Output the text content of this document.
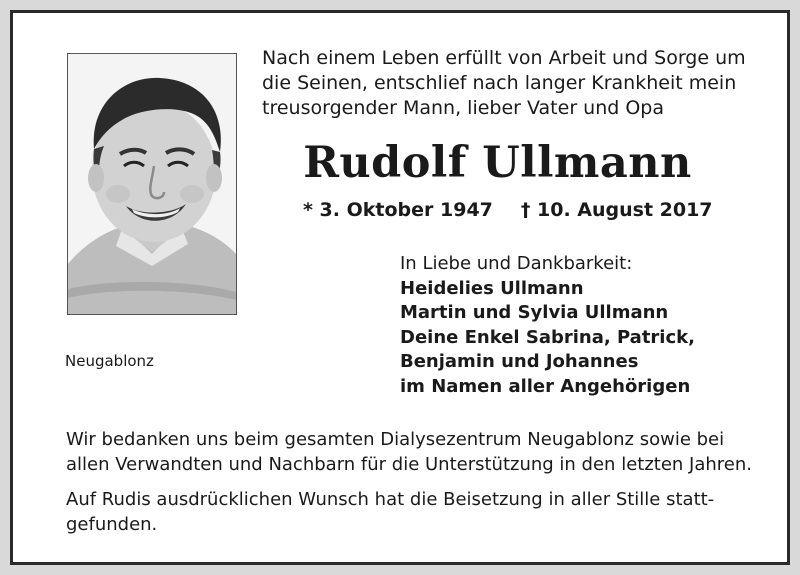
Neugablonz
Nach einem Leben erfüllt von Arbeit und Sorge um
die Seinen, entschlief nach langer Krankheit mein
treusorgender Mann, lieber Vater und Opa
Rudolf Ullmann
* 3. Oktober 1947 † 10. August 2017
In Liebe und Dankbarkeit:
Heidelies Ullmann
Martin und Sylvia Ullmann
Deine Enkel Sabrina, Patrick,
Benjamin und Johannes
im Namen aller Angehörigen
Wir bedanken uns beim gesamten Dialysezentrum Neugablonz sowie bei
allen Verwandten und Nachbarn für die Unterstützung in den letzten Jahren.
Auf Rudis ausdrücklichen Wunsch hat die Beisetzung in aller Stille statt-
gefunden.
